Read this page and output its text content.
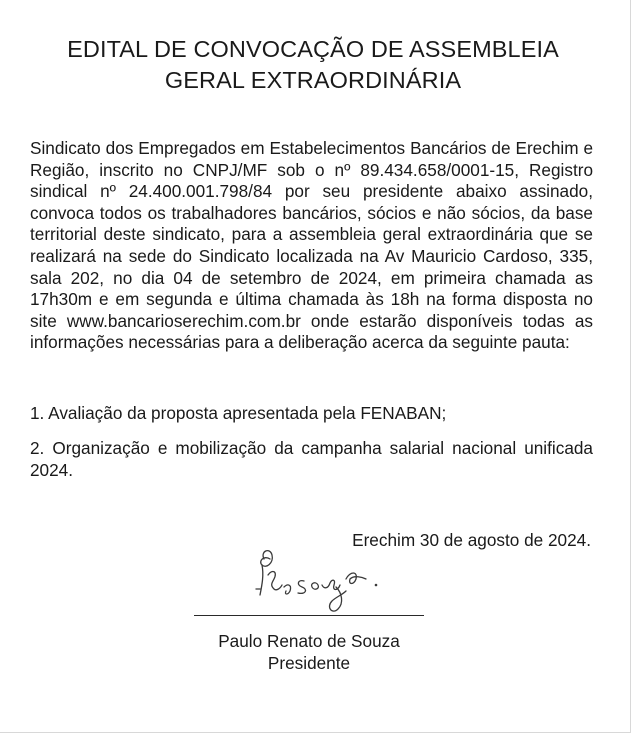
EDITAL DE CONVOCAÇÃO DE ASSEMBLEIA
GERAL EXTRAORDINÁRIA

Sindicato dos Empregados em Estabelecimentos Bancários de Erechim e Região, inscrito no CNPJ/MF sob o nº 89.434.658/0001-15, Registro sindical nº 24.400.001.798/84 por seu presidente abaixo assinado, convoca todos os trabalhadores bancários, sócios e não sócios, da base territorial deste sindicato, para a assembleia geral extraordinária que se realizará na sede do Sindicato localizada na Av Mauricio Cardoso, 335, sala 202, no dia 04 de setembro de 2024, em primeira chamada as 17h30m e em segunda e última chamada às 18h na forma disposta no site www.bancarioserechim.com.br onde estarão disponíveis todas as informações necessárias para a deliberação acerca da seguinte pauta:

1. Avaliação da proposta apresentada pela FENABAN;
2. Organização e mobilização da campanha salarial nacional unificada 2024.
Erechim 30 de agosto de 2024.
Paulo Renato de Souza
Presidente
